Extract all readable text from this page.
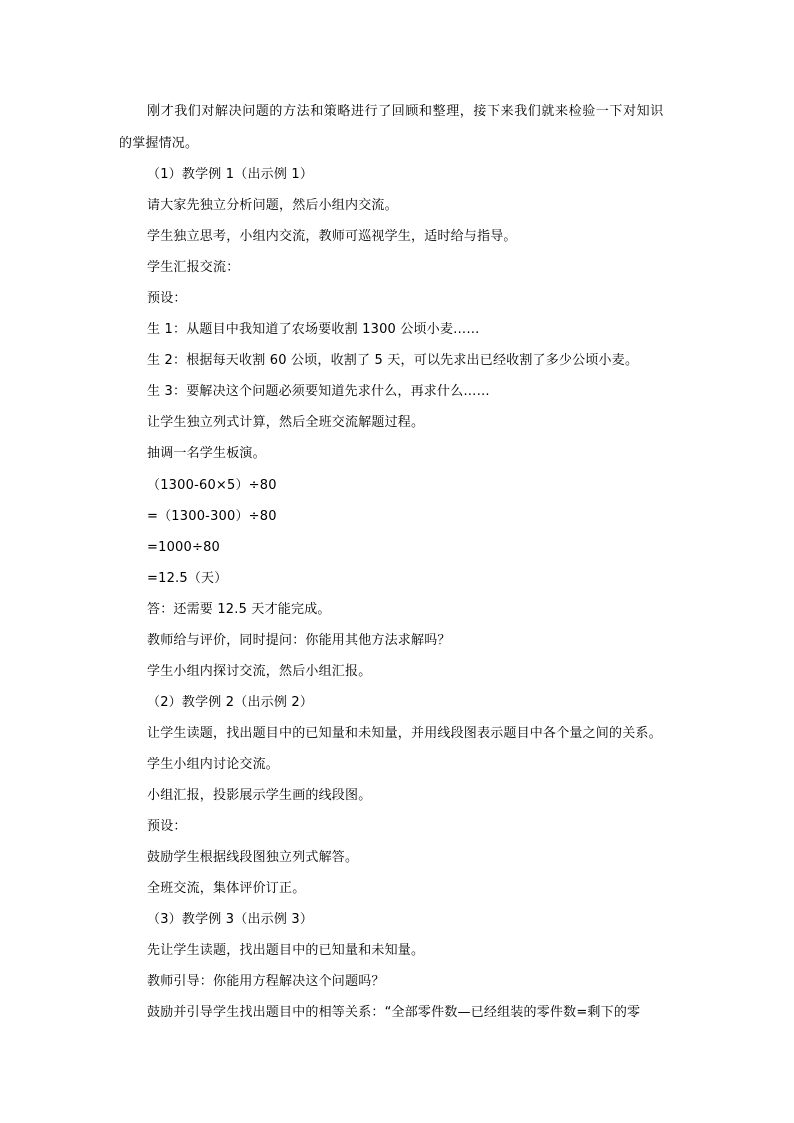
刚才我们对解决问题的方法和策略进行了回顾和整理，接下来我们就来检验一下对知识
的掌握情况。
（1）教学例 1（出示例 1）
请大家先独立分析问题，然后小组内交流。
学生独立思考，小组内交流，教师可巡视学生，适时给与指导。
学生汇报交流：
预设：
生 1：从题目中我知道了农场要收割 1300 公顷小麦……
生 2：根据每天收割 60 公顷，收割了 5 天，可以先求出已经收割了多少公顷小麦。
生 3：要解决这个问题必须要知道先求什么，再求什么……
让学生独立列式计算，然后全班交流解题过程。
抽调一名学生板演。
（1300-60×5）÷80
=（1300-300）÷80
=1000÷80
=12.5（天）
答：还需要 12.5 天才能完成。
教师给与评价，同时提问：你能用其他方法求解吗？
学生小组内探讨交流，然后小组汇报。
（2）教学例 2（出示例 2）
让学生读题，找出题目中的已知量和未知量，并用线段图表示题目中各个量之间的关系。
学生小组内讨论交流。
小组汇报，投影展示学生画的线段图。
预设：
鼓励学生根据线段图独立列式解答。
全班交流，集体评价订正。
（3）教学例 3（出示例 3）
先让学生读题，找出题目中的已知量和未知量。
教师引导：你能用方程解决这个问题吗？
鼓励并引导学生找出题目中的相等关系：“全部零件数—已经组装的零件数=剩下的零
